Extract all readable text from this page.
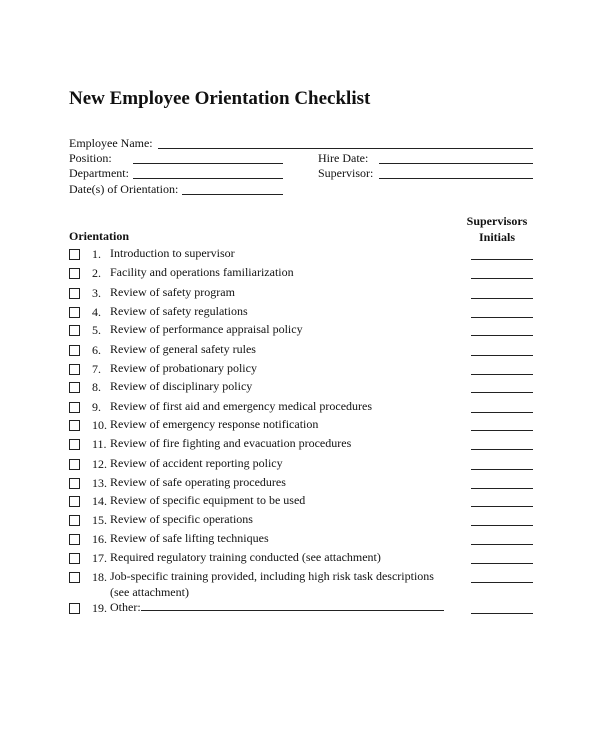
New Employee Orientation Checklist
Employee Name:
Position:	Hire Date:
Department:	Supervisor:
Date(s) of Orientation:
Orientation
Supervisors
Initials
1. Introduction to supervisor
2. Facility and operations familiarization
3. Review of safety program
4. Review of safety regulations
5. Review of performance appraisal policy
6. Review of general safety rules
7. Review of probationary policy
8. Review of disciplinary policy
9. Review of first aid and emergency medical procedures
10. Review of emergency response notification
11. Review of fire fighting and evacuation procedures
12. Review of accident reporting policy
13. Review of safe operating procedures
14. Review of specific equipment to be used
15. Review of specific operations
16. Review of safe lifting techniques
17. Required regulatory training conducted (see attachment)
18. Job-specific training provided, including high risk task descriptions
(see attachment)
19. Other:
